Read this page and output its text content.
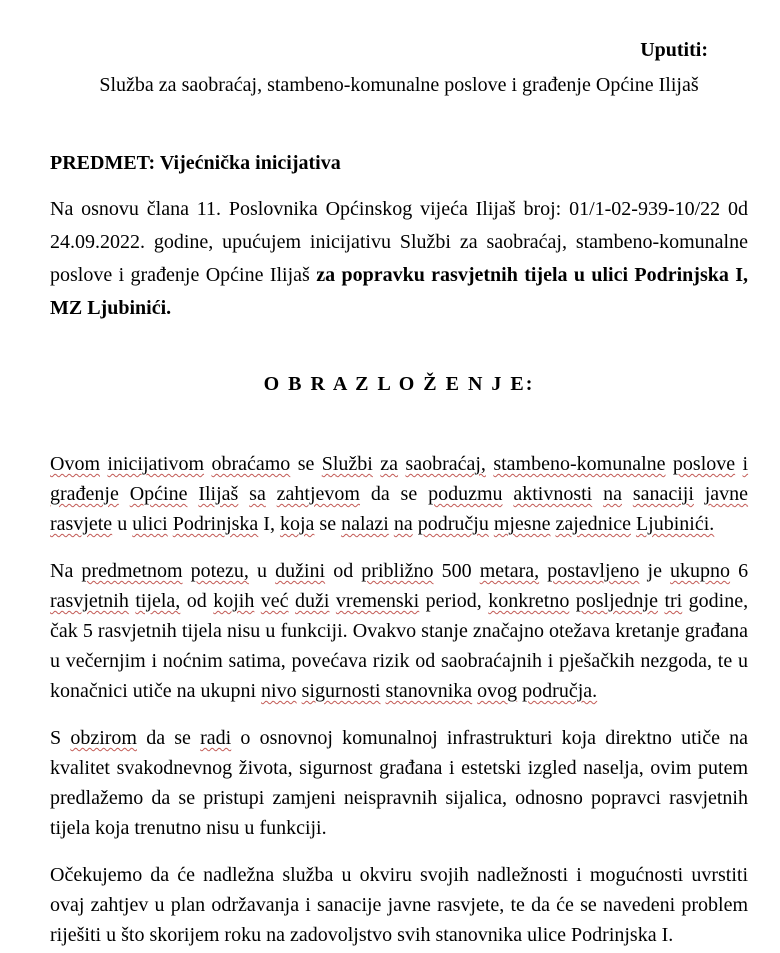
Uputiti:
Služba za saobraćaj, stambeno-komunalne poslove i građenje Općine Ilijaš
PREDMET: Vijećnička inicijativa

Na osnovu člana 11. Poslovnika Općinskog vijeća Ilijaš broj: 01/1-02-939-10/22 0d 24.09.2022. godine, upućujem inicijativu Službi za saobraćaj, stambeno-komunalne poslove i građenje Općine Ilijaš za popravku rasvjetnih tijela u ulici Podrinjska I, MZ Ljubinići.

O B R A Z L O Ž E N J E:

Ovom inicijativom obraćamo se Službi za saobraćaj, stambeno-komunalne poslove i građenje Općine Ilijaš sa zahtjevom da se poduzmu aktivnosti na sanaciji javne rasvjete u ulici Podrinjska I, koja se nalazi na području mjesne zajednice Ljubinići.

Na predmetnom potezu, u dužini od približno 500 metara, postavljeno je ukupno 6 rasvjetnih tijela, od kojih već duži vremenski period, konkretno posljednje tri godine, čak 5 rasvjetnih tijela nisu u funkciji. Ovakvo stanje značajno otežava kretanje građana u večernjim i noćnim satima, povećava rizik od saobraćajnih i pješačkih nezgoda, te u konačnici utiče na ukupni nivo sigurnosti stanovnika ovog područja.

S obzirom da se radi o osnovnoj komunalnoj infrastrukturi koja direktno utiče na kvalitet svakodnevnog života, sigurnost građana i estetski izgled naselja, ovim putem predlažemo da se pristupi zamjeni neispravnih sijalica, odnosno popravci rasvjetnih tijela koja trenutno nisu u funkciji.

Očekujemo da će nadležna služba u okviru svojih nadležnosti i mogućnosti uvrstiti ovaj zahtjev u plan održavanja i sanacije javne rasvjete, te da će se navedeni problem riješiti u što skorijem roku na zadovoljstvo svih stanovnika ulice Podrinjska I.
